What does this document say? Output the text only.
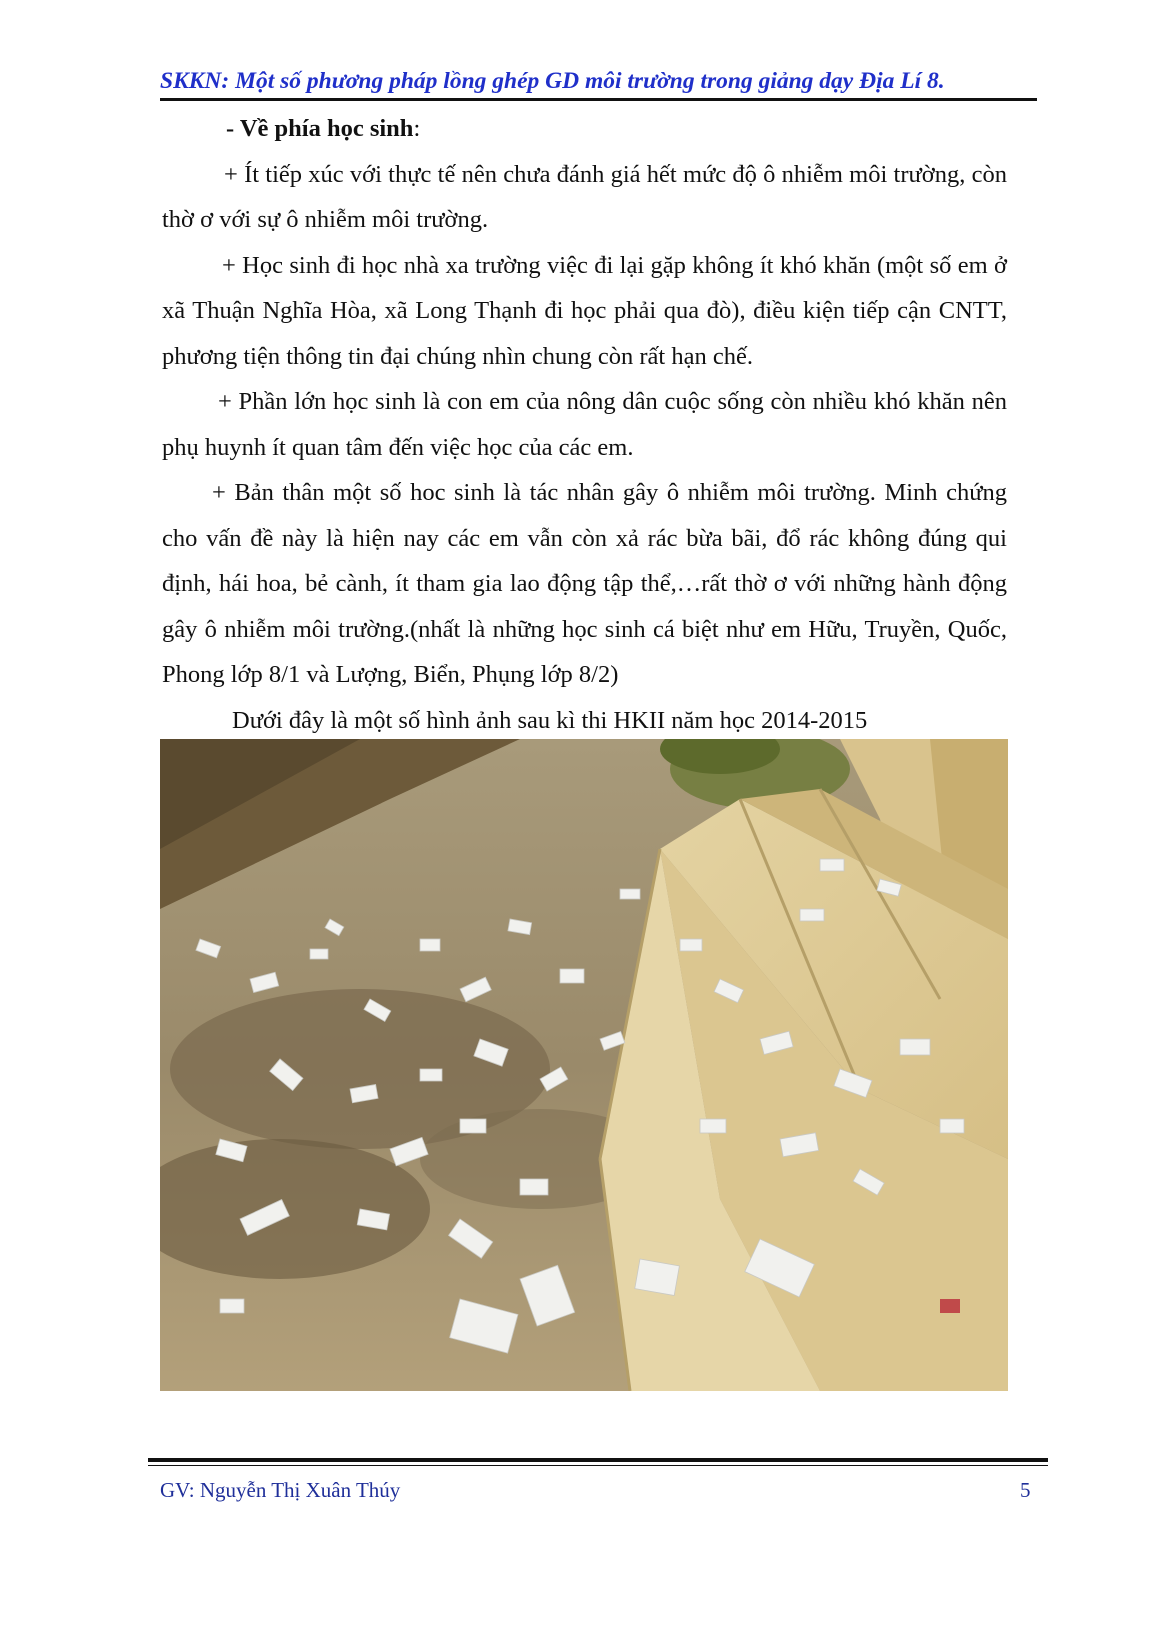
SKKN: Một số phương pháp lồng ghép GD môi trường trong giảng dạy Địa Lí 8.

- Về phía học sinh:

+ Ít tiếp xúc với thực tế nên chưa đánh giá hết mức độ ô nhiễm môi trường, còn thờ ơ với sự ô nhiễm môi trường.

+ Học sinh đi học nhà xa trường việc đi lại gặp không ít khó khăn (một số em ở xã Thuận Nghĩa Hòa, xã Long Thạnh đi học phải qua đò), điều kiện tiếp cận CNTT, phương tiện thông tin đại chúng nhìn chung còn rất hạn chế.

+ Phần lớn học sinh là con em của nông dân cuộc sống còn nhiều khó khăn nên phụ huynh ít quan tâm đến việc học của các em.

+ Bản thân một số hoc sinh là tác nhân gây ô nhiễm môi trường. Minh chứng cho vấn đề này là hiện nay các em vẫn còn xả rác bừa bãi, đổ rác không đúng qui định, hái hoa, bẻ cành, ít tham gia lao động tập thể,…rất thờ ơ với những hành động gây ô nhiễm môi trường.(nhất là những học sinh cá biệt như em Hữu, Truyền, Quốc, Phong lớp 8/1 và Lượng, Biển, Phụng lớp 8/2)

Dưới đây là một số hình ảnh sau kì thi HKII năm học 2014-2015

GV: Nguyễn Thị Xuân Thúy	5
